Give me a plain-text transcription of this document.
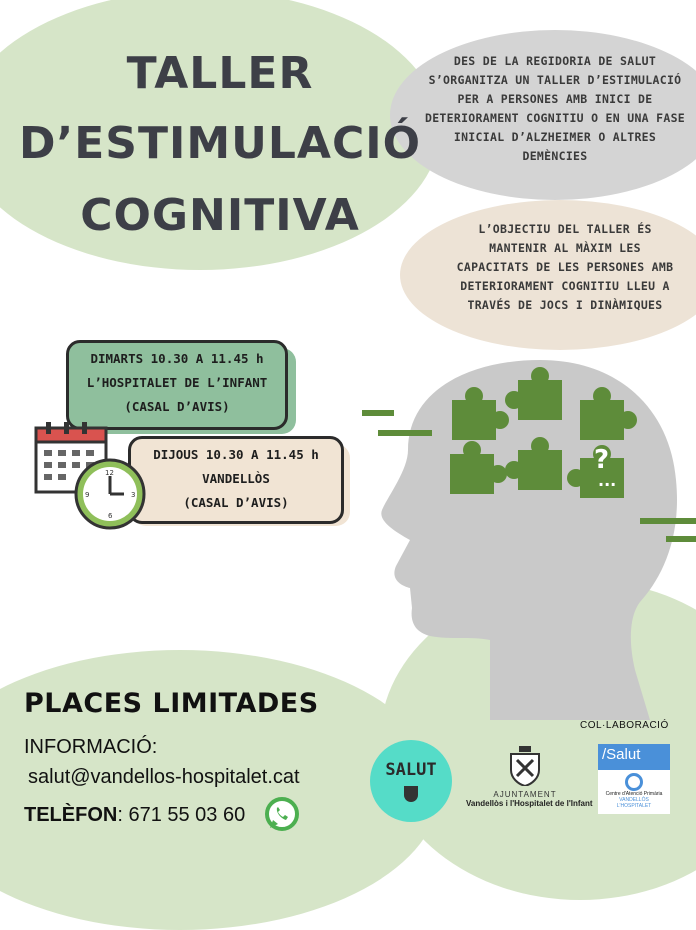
TALLER
D’ESTIMULACIÓ
COGNITIVA
DES DE LA REGIDORIA DE SALUT
S’ORGANITZA UN TALLER D’ESTIMULACIÓ
PER A PERSONES AMB INICI DE
DETERIORAMENT COGNITIU O EN UNA FASE
INICIAL D’ALZHEIMER O ALTRES DEMÈNCIES
L’OBJECTIU DEL TALLER ÉS
MANTENIR AL MÀXIM LES
CAPACITATS DE LES PERSONES AMB
DETERIORAMENT COGNITIU LLEU A
TRAVÉS DE JOCS I DINÀMIQUES
?
...
DIMARTS 10.30 A 11.45 h
L’HOSPITALET DE L’INFANT
(CASAL D’AVIS)
DIJOUS 10.30 A 11.45 h
VANDELLÒS
(CASAL D’AVIS)
12
3
6
9
PLACES LIMITADES
INFORMACIÓ:
salut@vandellos-hospitalet.cat
TELÈFON: 671 55 03 60
COL·LABORACIÓ
SALUT
AJUNTAMENT
Vandellòs i l'Hospitalet de l'Infant
/Salut
Centre d'Atenció Primària
VANDELLÒS
L'HOSPITALET
